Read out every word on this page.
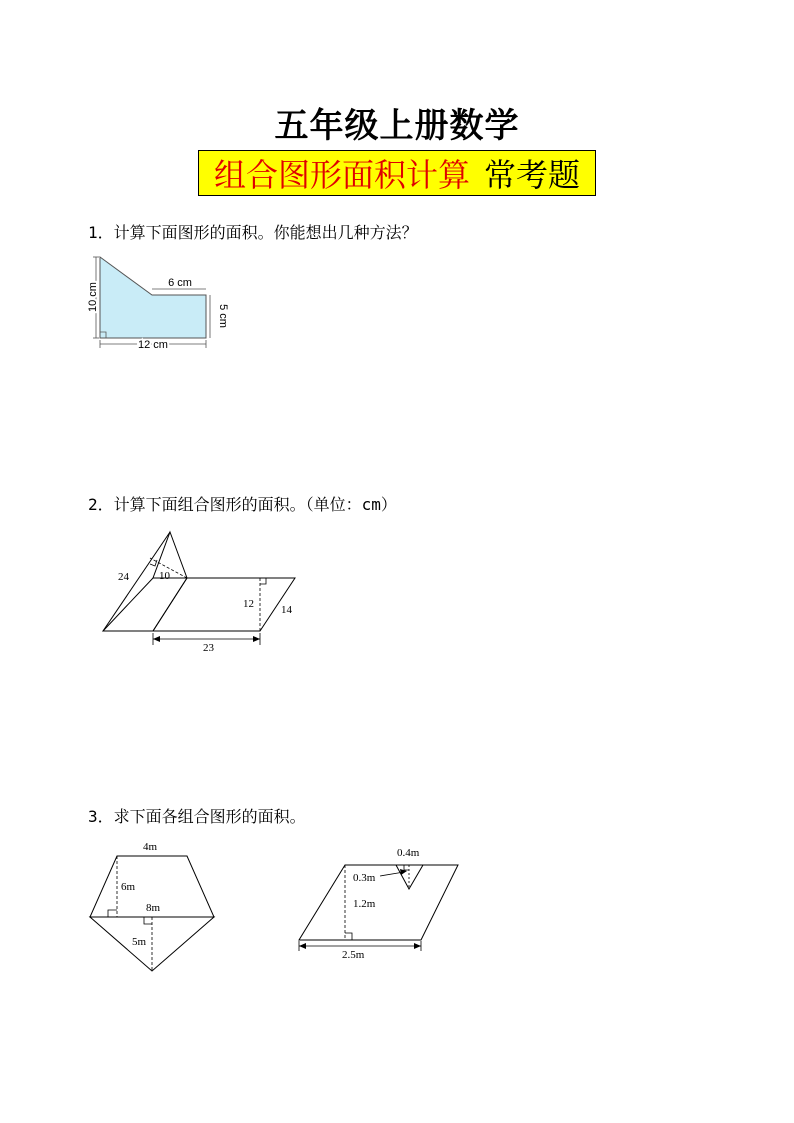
五年级上册数学
组合图形面积计算 常考题
1．计算下面图形的面积。你能想出几种方法？
6 cm
10 cm
5 cm
12 cm
2．计算下面组合图形的面积。（单位：cm）
24	10
12 14
23
3．求下面各组合图形的面积。
4m
6m
8m
5m
0.4m
0.3m
1.2m
2.5m
